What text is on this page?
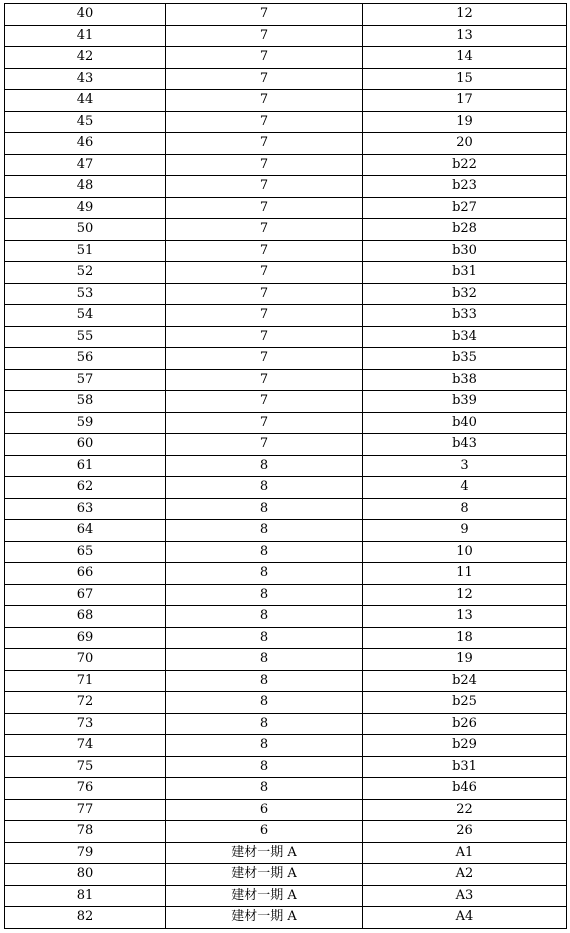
40	7	12
41	7	13
42	7	14
43	7	15
44	7	17
45	7	19
46	7	20
47	7	b22
48	7	b23
49	7	b27
50	7	b28
51	7	b30
52	7	b31
53	7	b32
54	7	b33
55	7	b34
56	7	b35
57	7	b38
58	7	b39
59	7	b40
60	7	b43
61	8	3
62	8	4
63	8	8
64	8	9
65	8	10
66	8	11
67	8	12
68	8	13
69	8	18
70	8	19
71	8	b24
72	8	b25
73	8	b26
74	8	b29
75	8	b31
76	8	b46
77	6	22
78	6	26
79	建材一期 A	A1
80	建材一期 A	A2
81	建材一期 A	A3
82	建材一期 A	A4
